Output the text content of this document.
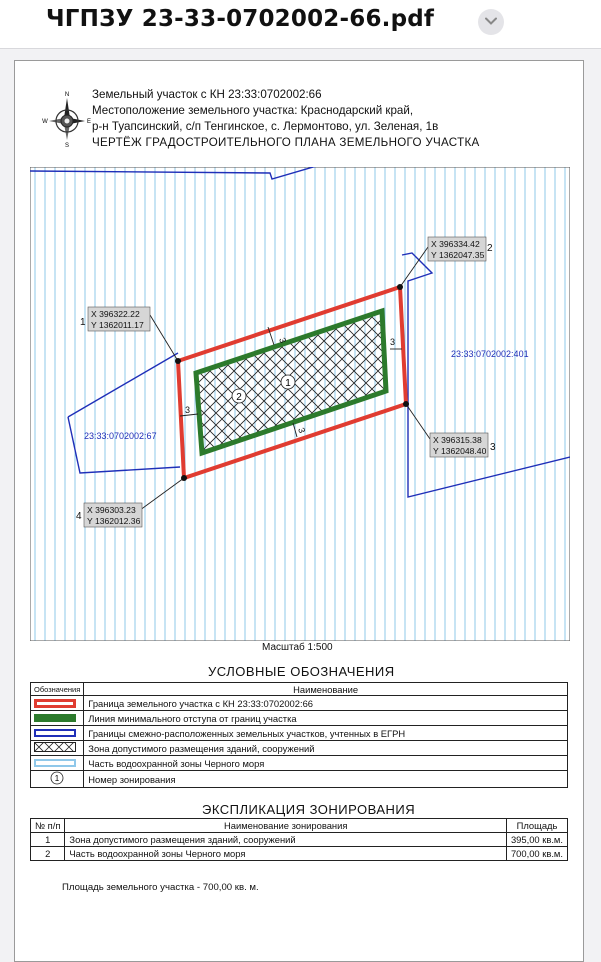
ЧГПЗУ 23-33-0702002-66.pdf
N
S
W	E
Земельный участок с КН 23:33:0702002:66
Местоположение земельного участка: Краснодарский край,
р-н Туапсинский, с/п Тенгинское, с. Лермонтово, ул. Зеленая, 1в
ЧЕРТЁЖ ГРАДОСТРОИТЕЛЬНОГО ПЛАНА ЗЕМЕЛЬНОГО УЧАСТКА
3	3
3
3
1
2
X 396322.22
Y 1362011.17
1
X 396334.42
Y 1362047.35
2
X 396315.38
Y 1362048.40 3
X 396303.23
Y 1362012.36
4
23:33:0702002:67
23:33:0702002:401
Масштаб 1:500
УСЛОВНЫЕ ОБОЗНАЧЕНИЯ
Обозначения	Наименование

	Граница земельного участка с КН 23:33:0702002:66

	Линия минимального отступа от границ участка

	Границы смежно-расположенных земельных участков, учтенных в ЕГРН
	Зона допустимого размещения зданий, сооружений

	Часть водоохранной зоны Черного моря

1	Номер зонирования
ЭКСПЛИКАЦИЯ ЗОНИРОВАНИЯ
№ п/п	Наименование зонирования	Площадь
1	Зона допустимого размещения зданий, сооружений	395,00 кв.м.
2	Часть водоохранной зоны Черного моря	700,00 кв.м.
Площадь земельного участка - 700,00 кв. м.
